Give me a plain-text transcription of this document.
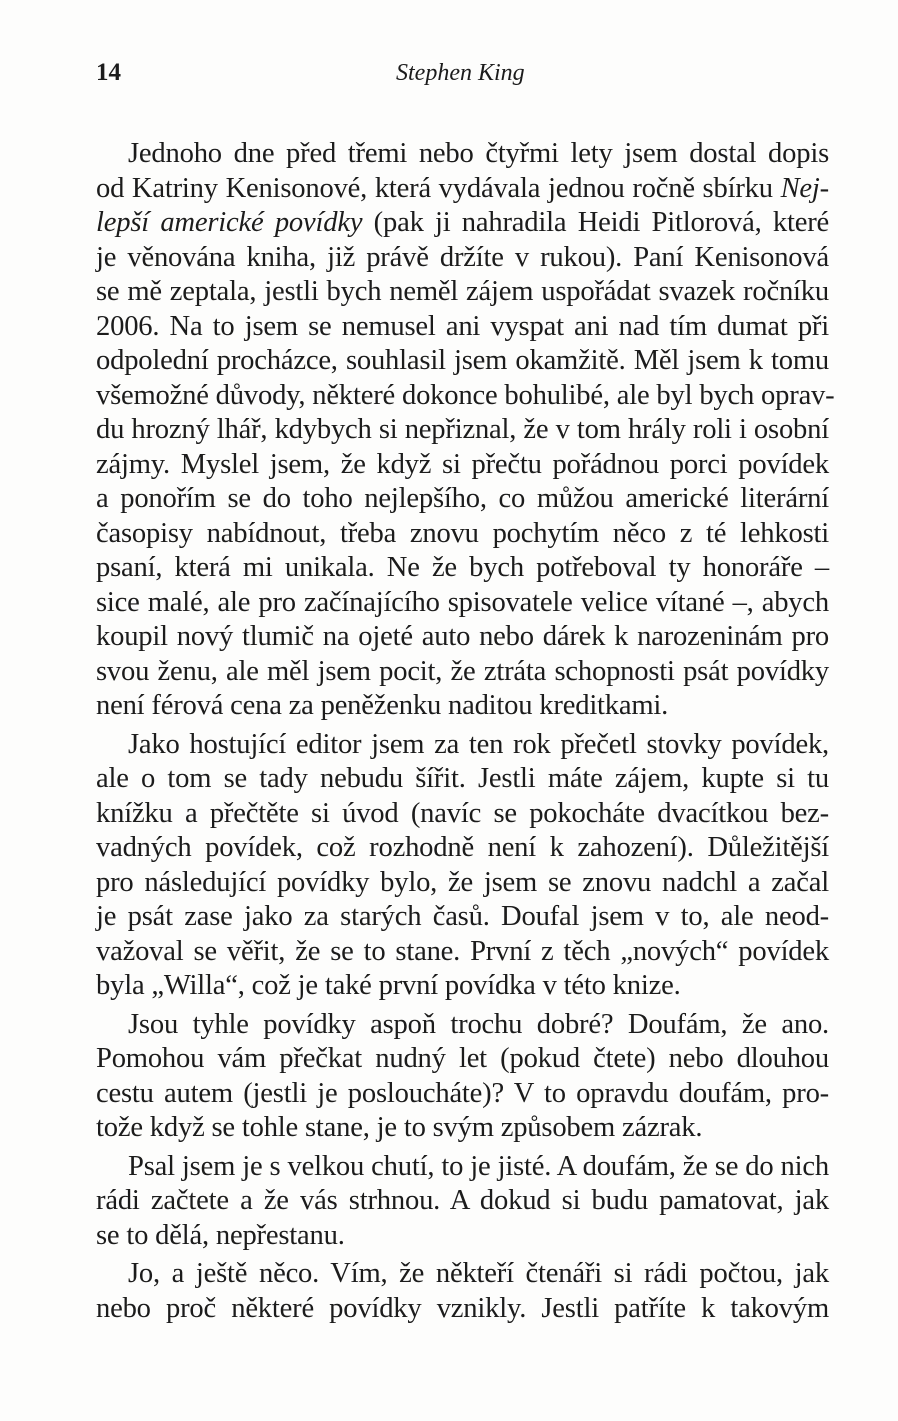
14	Stephen King
Jednoho dne před třemi nebo čtyřmi lety jsem dostal dopis
od Katriny Kenisonové, která vydávala jednou ročně sbírku Nej-
lepší americké povídky (pak ji nahradila Heidi Pitlorová, které
je věnována kniha, již právě držíte v rukou). Paní Kenisonová
se mě zeptala, jestli bych neměl zájem uspořádat svazek ročníku
2006. Na to jsem se nemusel ani vyspat ani nad tím dumat při
odpolední procházce, souhlasil jsem okamžitě. Měl jsem k tomu
všemožné důvody, některé dokonce bohulibé, ale byl bych oprav-
du hrozný lhář, kdybych si nepřiznal, že v tom hrály roli i osobní
zájmy. Myslel jsem, že když si přečtu pořádnou porci povídek
a ponořím se do toho nejlepšího, co můžou americké literární
časopisy nabídnout, třeba znovu pochytím něco z té lehkosti
psaní, která mi unikala. Ne že bych potřeboval ty honoráře –
sice malé, ale pro začínajícího spisovatele velice vítané –, abych
koupil nový tlumič na ojeté auto nebo dárek k narozeninám pro
svou ženu, ale měl jsem pocit, že ztráta schopnosti psát povídky
není férová cena za peněženku naditou kreditkami.
Jako hostující editor jsem za ten rok přečetl stovky povídek,
ale o tom se tady nebudu šířit. Jestli máte zájem, kupte si tu
knížku a přečtěte si úvod (navíc se pokocháte dvacítkou bez-
vadných povídek, což rozhodně není k zahození). Důležitější
pro následující povídky bylo, že jsem se znovu nadchl a začal
je psát zase jako za starých časů. Doufal jsem v to, ale neod-
važoval se věřit, že se to stane. První z těch „nových“ povídek
byla „Willa“, což je také první povídka v této knize.
Jsou tyhle povídky aspoň trochu dobré? Doufám, že ano.
Pomohou vám přečkat nudný let (pokud čtete) nebo dlouhou
cestu autem (jestli je posloucháte)? V to opravdu doufám, pro-
tože když se tohle stane, je to svým způsobem zázrak.
Psal jsem je s velkou chutí, to je jisté. A doufám, že se do nich
rádi začtete a že vás strhnou. A dokud si budu pamatovat, jak
se to dělá, nepřestanu.
Jo, a ještě něco. Vím, že někteří čtenáři si rádi počtou, jak
nebo proč některé povídky vznikly. Jestli patříte k takovým
